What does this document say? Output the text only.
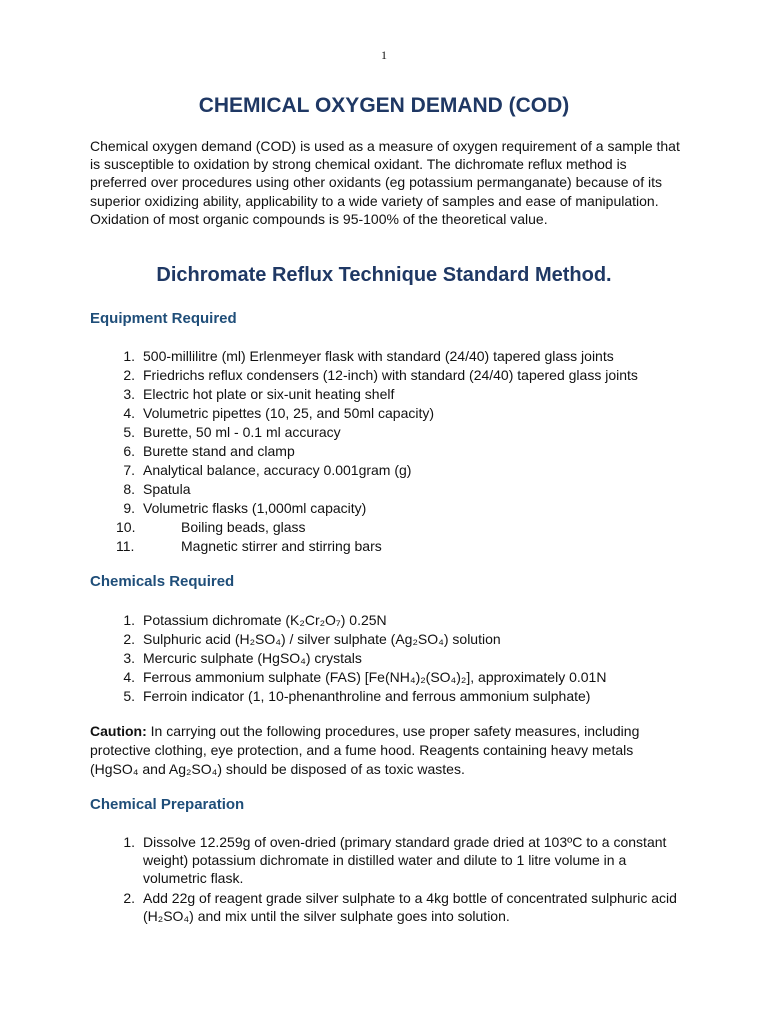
1
CHEMICAL OXYGEN DEMAND (COD)

Chemical oxygen demand (COD) is used as a measure of oxygen requirement of a sample that is susceptible to oxidation by strong chemical oxidant. The dichromate reflux method is preferred over procedures using other oxidants (eg potassium permanganate) because of its superior oxidizing ability, applicability to a wide variety of samples and ease of manipulation. Oxidation of most organic compounds is 95-100% of the theoretical value.

Dichromate Reflux Technique Standard Method.
Equipment Required
1. 500-millilitre (ml) Erlenmeyer flask with standard (24/40) tapered glass joints
2. Friedrichs reflux condensers (12-inch) with standard (24/40) tapered glass joints
3. Electric hot plate or six-unit heating shelf
4. Volumetric pipettes (10, 25, and 50ml capacity)
5. Burette, 50 ml - 0.1 ml accuracy
6. Burette stand and clamp
7. Analytical balance, accuracy 0.001gram (g)
8. Spatula
9. Volumetric flasks (1,000ml capacity)
10.	Boiling beads, glass
11.	Magnetic stirrer and stirring bars
Chemicals Required
1. Potassium dichromate (K₂Cr₂O₇) 0.25N
2. Sulphuric acid (H₂SO₄) / silver sulphate (Ag₂SO₄) solution
3. Mercuric sulphate (HgSO₄) crystals
4. Ferrous ammonium sulphate (FAS) [Fe(NH₄)₂(SO₄)₂], approximately 0.01N
5. Ferroin indicator (1, 10-phenanthroline and ferrous ammonium sulphate)

Caution: In carrying out the following procedures, use proper safety measures, including protective clothing, eye protection, and a fume hood. Reagents containing heavy metals (HgSO₄ and Ag₂SO₄) should be disposed of as toxic wastes.

Chemical Preparation
1. Dissolve 12.259g of oven-dried (primary standard grade dried at 103ºC to a constant weight) potassium dichromate in distilled water and dilute to 1 litre volume in a volumetric flask.
2. Add 22g of reagent grade silver sulphate to a 4kg bottle of concentrated sulphuric acid (H₂SO₄) and mix until the silver sulphate goes into solution.
